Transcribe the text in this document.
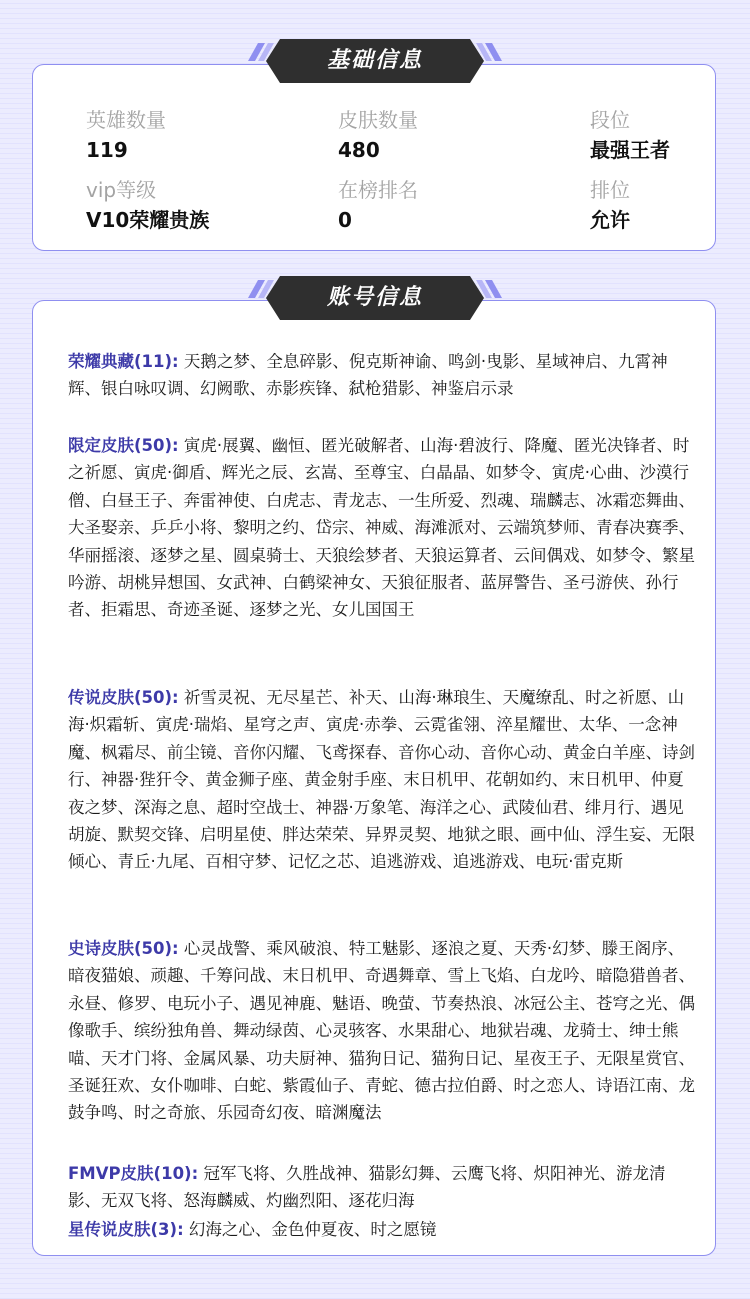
英雄数量
119
皮肤数量
480
段位
最强王者
vip等级
V10荣耀贵族
在榜排名
0
排位
允许
基础信息
账号信息
荣耀典藏(11): 天鹅之梦、全息碎影、倪克斯神谕、鸣剑·曳影、星域神启、九霄神辉、银白咏叹调、幻阙歌、赤影疾锋、弑枪猎影、神鉴启示录
限定皮肤(50): 寅虎·展翼、幽恒、匿光破解者、山海·碧波行、降魔、匿光决锋者、时之祈愿、寅虎·御盾、辉光之辰、玄嵩、至尊宝、白晶晶、如梦令、寅虎·心曲、沙漠行僧、白昼王子、奔雷神使、白虎志、青龙志、一生所爱、烈魂、瑞麟志、冰霜恋舞曲、大圣娶亲、乒乒小将、黎明之约、岱宗、神威、海滩派对、云端筑梦师、青春决赛季、华丽摇滚、逐梦之星、圆桌骑士、天狼绘梦者、天狼运算者、云间偶戏、如梦令、繁星吟游、胡桃异想国、女武神、白鹤梁神女、天狼征服者、蓝屏警告、圣弓游侠、孙行者、拒霜思、奇迹圣诞、逐梦之光、女儿国国王
传说皮肤(50): 祈雪灵祝、无尽星芒、补天、山海·琳琅生、天魔缭乱、时之祈愿、山海·炽霜斩、寅虎·瑞焰、星穹之声、寅虎·赤拳、云霓雀翎、淬星耀世、太华、一念神魔、枫霜尽、前尘镜、音你闪耀、飞鸢探春、音你心动、音你心动、黄金白羊座、诗剑行、神器·狴犴令、黄金狮子座、黄金射手座、末日机甲、花朝如约、末日机甲、仲夏夜之梦、深海之息、超时空战士、神器·万象笔、海洋之心、武陵仙君、绯月行、遇见胡旋、默契交锋、启明星使、胖达荣荣、异界灵契、地狱之眼、画中仙、浮生妄、无限倾心、青丘·九尾、百相守梦、记忆之芯、追逃游戏、追逃游戏、电玩·雷克斯
史诗皮肤(50): 心灵战警、乘风破浪、特工魅影、逐浪之夏、天秀·幻梦、滕王阁序、暗夜猫娘、顽趣、千筹问战、末日机甲、奇遇舞章、雪上飞焰、白龙吟、暗隐猎兽者、永昼、修罗、电玩小子、遇见神鹿、魅语、晚萤、节奏热浪、冰冠公主、苍穹之光、偶像歌手、缤纷独角兽、舞动绿茵、心灵骇客、水果甜心、地狱岩魂、龙骑士、绅士熊喵、天才门将、金属风暴、功夫厨神、猫狗日记、猫狗日记、星夜王子、无限星赏官、圣诞狂欢、女仆咖啡、白蛇、紫霞仙子、青蛇、德古拉伯爵、时之恋人、诗语江南、龙鼓争鸣、时之奇旅、乐园奇幻夜、暗渊魔法
FMVP皮肤(10): 冠军飞将、久胜战神、猫影幻舞、云鹰飞将、炽阳神光、游龙清影、无双飞将、怒海麟威、灼幽烈阳、逐花归海
星传说皮肤(3): 幻海之心、金色仲夏夜、时之愿镜
